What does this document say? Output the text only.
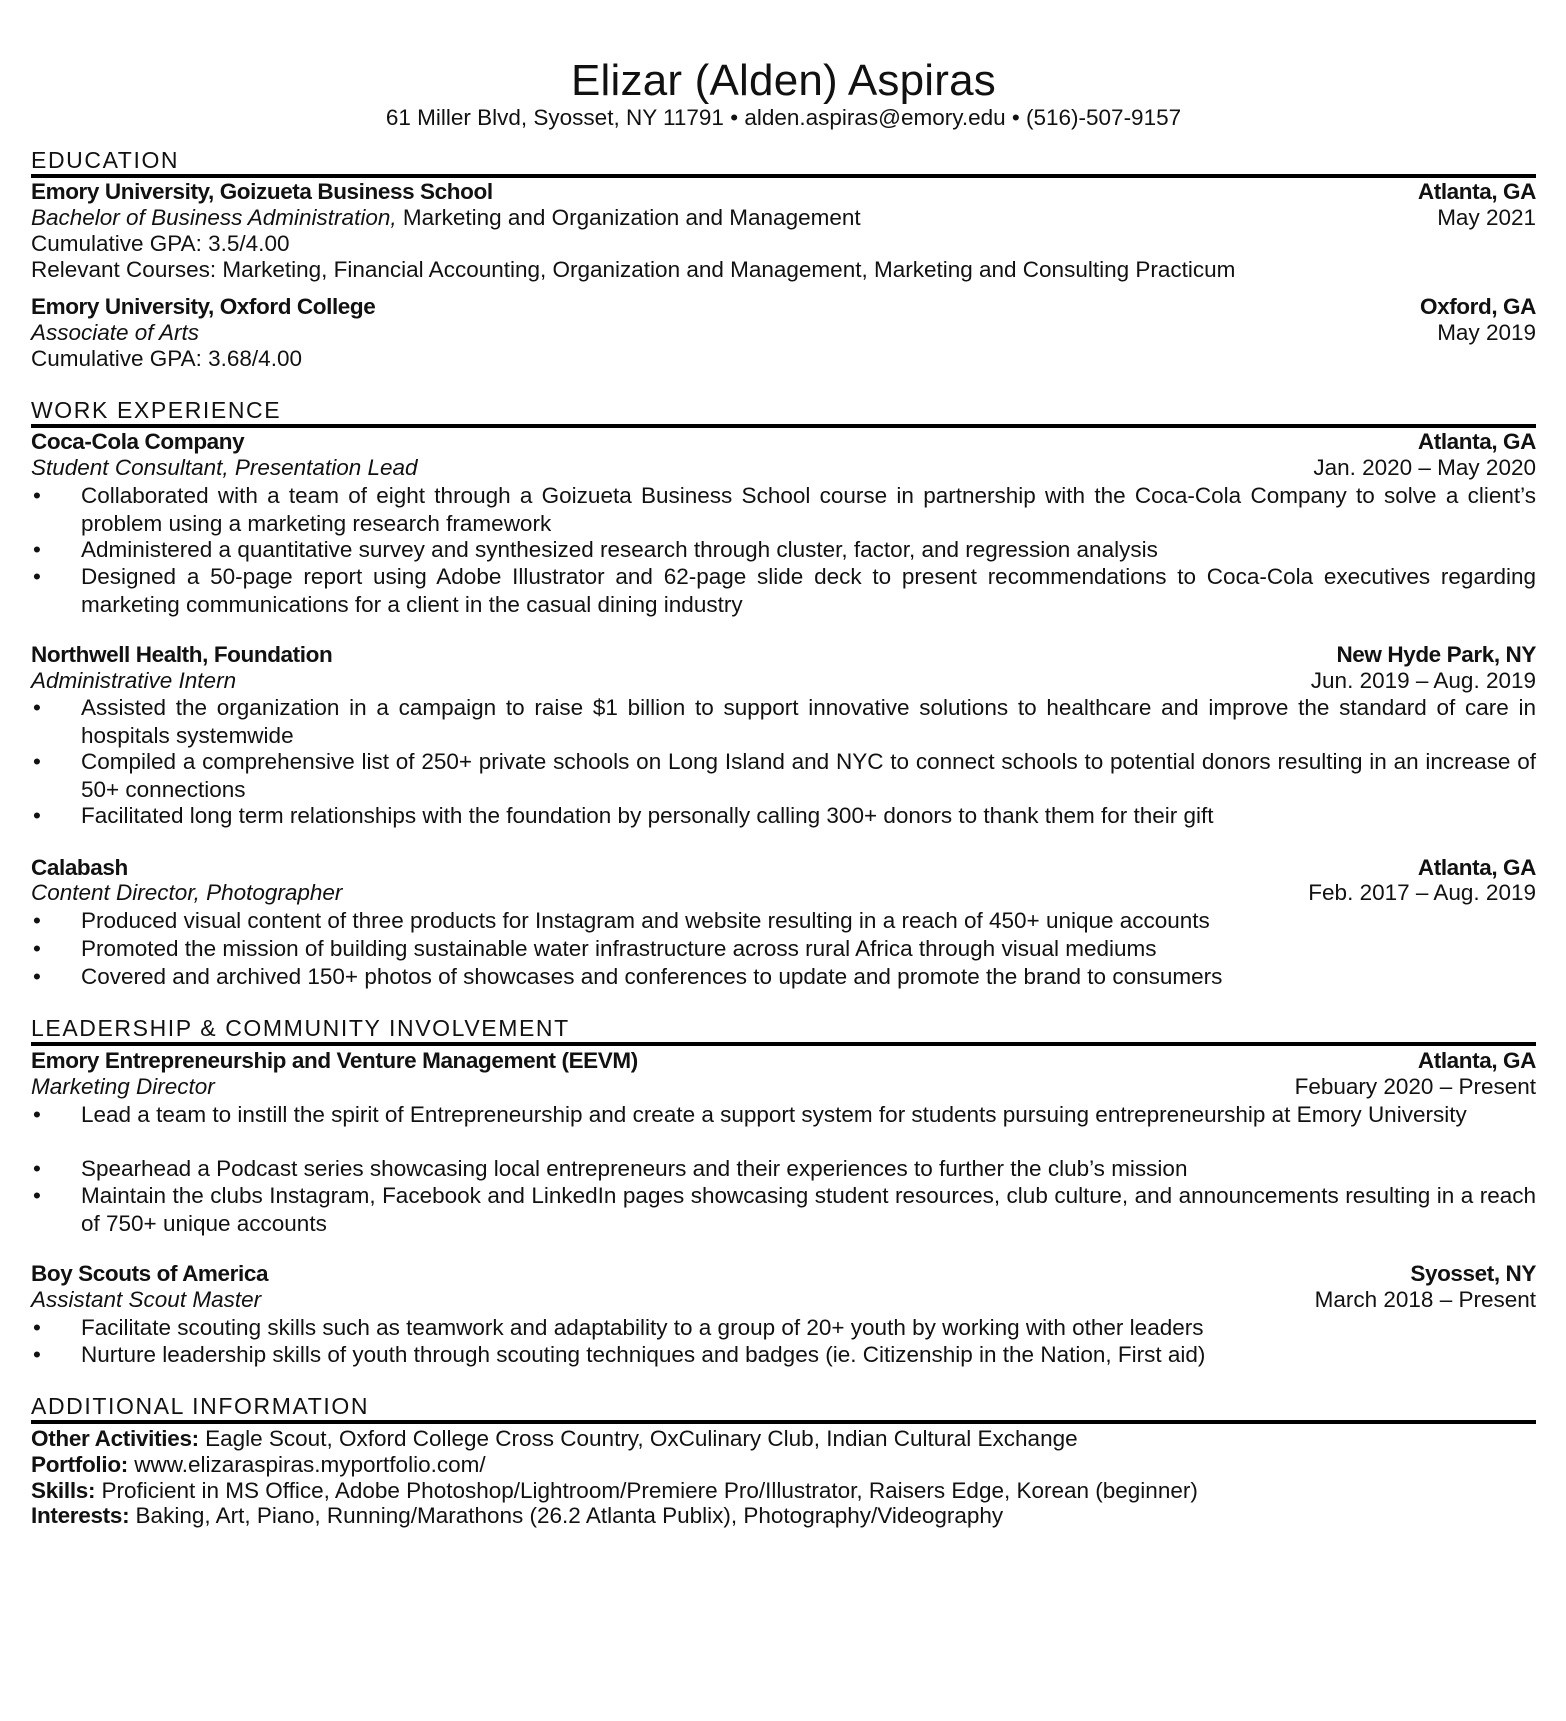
Elizar (Alden) Aspiras
61 Miller Blvd, Syosset, NY 11791 • alden.aspiras@emory.edu • (516)-507-9157
EDUCATION
Emory University, Goizueta Business School	Atlanta, GA
Bachelor of Business Administration, Marketing and Organization and Management	May 2021
Cumulative GPA: 3.5/4.00
Relevant Courses: Marketing, Financial Accounting, Organization and Management, Marketing and Consulting Practicum
Emory University, Oxford College	Oxford, GA
Associate of Arts	May 2019
Cumulative GPA: 3.68/4.00
WORK EXPERIENCE
Coca-Cola Company	Atlanta, GA
Student Consultant, Presentation Lead	Jan. 2020 – May 2020
• Collaborated with a team of eight through a Goizueta Business School course in partnership with the Coca-Cola Company to solve a client’s problem using a marketing research framework
• Administered a quantitative survey and synthesized research through cluster, factor, and regression analysis
• Designed a 50-page report using Adobe Illustrator and 62-page slide deck to present recommendations to Coca-Cola executives regarding marketing communications for a client in the casual dining industry
Northwell Health, Foundation	New Hyde Park, NY
Administrative Intern	Jun. 2019 – Aug. 2019
• Assisted the organization in a campaign to raise $1 billion to support innovative solutions to healthcare and improve the standard of care in hospitals systemwide
• Compiled a comprehensive list of 250+ private schools on Long Island and NYC to connect schools to potential donors resulting in an increase of 50+ connections
• Facilitated long term relationships with the foundation by personally calling 300+ donors to thank them for their gift
Calabash	Atlanta, GA
Content Director, Photographer	Feb. 2017 – Aug. 2019
• Produced visual content of three products for Instagram and website resulting in a reach of 450+ unique accounts
• Promoted the mission of building sustainable water infrastructure across rural Africa through visual mediums
• Covered and archived 150+ photos of showcases and conferences to update and promote the brand to consumers
LEADERSHIP & COMMUNITY INVOLVEMENT
Emory Entrepreneurship and Venture Management (EEVM)	Atlanta, GA
Marketing Director	Febuary 2020 – Present
• Lead a team to instill the spirit of Entrepreneurship and create a support system for students pursuing entrepreneurship at Emory University
• Spearhead a Podcast series showcasing local entrepreneurs and their experiences to further the club’s mission
• Maintain the clubs Instagram, Facebook and LinkedIn pages showcasing student resources, club culture, and announcements resulting in a reach of 750+ unique accounts
Boy Scouts of America	Syosset, NY
Assistant Scout Master	March 2018 – Present
• Facilitate scouting skills such as teamwork and adaptability to a group of 20+ youth by working with other leaders
• Nurture leadership skills of youth through scouting techniques and badges (ie. Citizenship in the Nation, First aid)
ADDITIONAL INFORMATION
Other Activities: Eagle Scout, Oxford College Cross Country, OxCulinary Club, Indian Cultural Exchange
Portfolio: www.elizaraspiras.myportfolio.com/
Skills: Proficient in MS Office, Adobe Photoshop/Lightroom/Premiere Pro/Illustrator, Raisers Edge, Korean (beginner)
Interests: Baking, Art, Piano, Running/Marathons (26.2 Atlanta Publix), Photography/Videography
